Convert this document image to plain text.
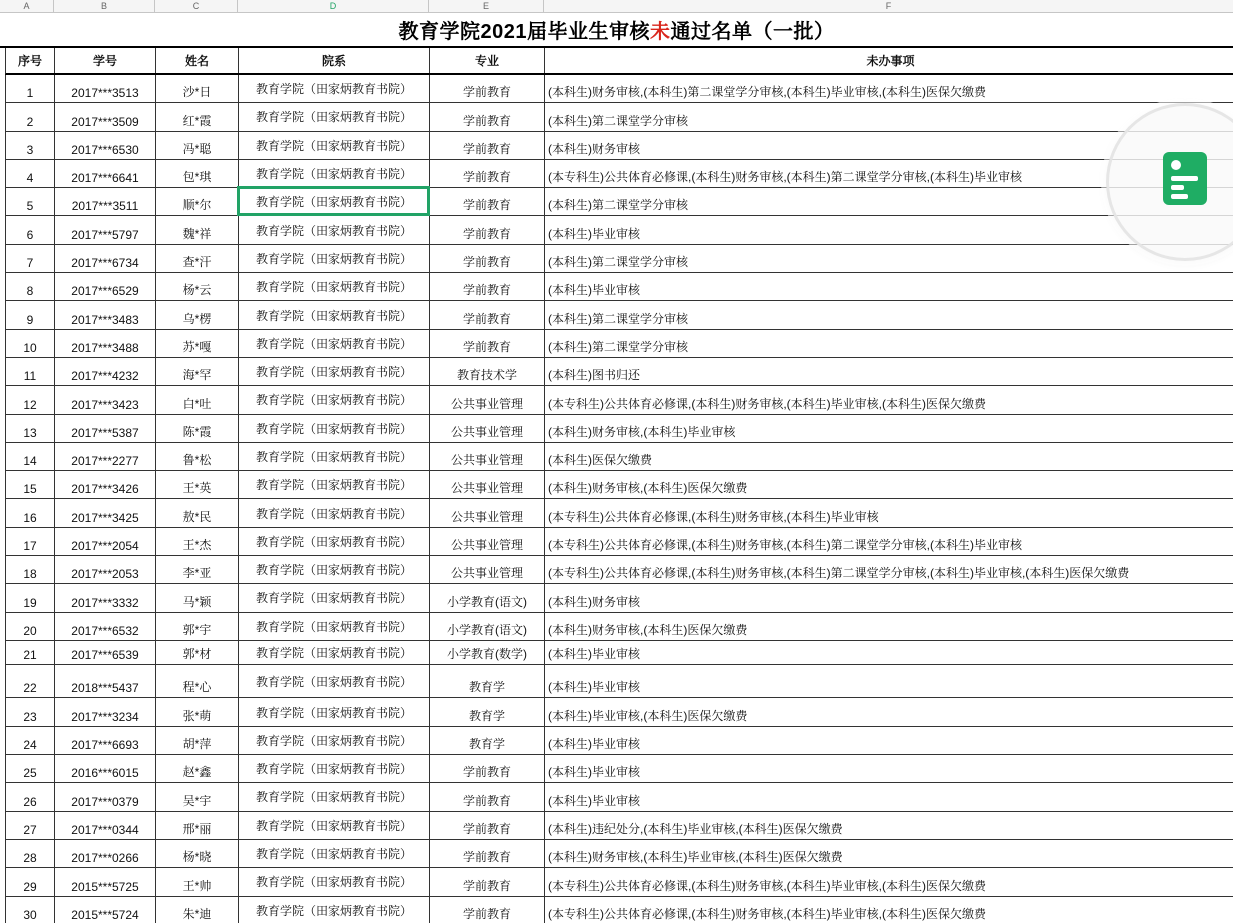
A	B	C	D	E	F
教育学院2021届毕业生审核未通过名单（一批）
序号	学号	姓名	院系	专业	未办事项
1	2017***3513	沙*日	教育学院（田家炳教育书院）	学前教育	(本科生)财务审核,(本科生)第二课堂学分审核,(本科生)毕业审核,(本科生)医保欠缴费
2	2017***3509	红*霞	教育学院（田家炳教育书院）	学前教育	(本科生)第二课堂学分审核
3	2017***6530	冯*聪	教育学院（田家炳教育书院）	学前教育	(本科生)财务审核
4	2017***6641	包*琪	教育学院（田家炳教育书院）	学前教育	(本专科生)公共体育必修课,(本科生)财务审核,(本科生)第二课堂学分审核,(本科生)毕业审核
5	2017***3511	顺*尔	教育学院（田家炳教育书院）	学前教育	(本科生)第二课堂学分审核
6	2017***5797	魏*祥	教育学院（田家炳教育书院）	学前教育	(本科生)毕业审核
7	2017***6734	查*汗	教育学院（田家炳教育书院）	学前教育	(本科生)第二课堂学分审核
8	2017***6529	杨*云	教育学院（田家炳教育书院）	学前教育	(本科生)毕业审核
9	2017***3483	乌*楞	教育学院（田家炳教育书院）	学前教育	(本科生)第二课堂学分审核
10	2017***3488	苏*嘎	教育学院（田家炳教育书院）	学前教育	(本科生)第二课堂学分审核
11	2017***4232	海*罕	教育学院（田家炳教育书院）	教育技术学	(本科生)图书归还
12	2017***3423	白*吐	教育学院（田家炳教育书院）	公共事业管理	(本专科生)公共体育必修课,(本科生)财务审核,(本科生)毕业审核,(本科生)医保欠缴费
13	2017***5387	陈*霞	教育学院（田家炳教育书院）	公共事业管理	(本科生)财务审核,(本科生)毕业审核
14	2017***2277	鲁*松	教育学院（田家炳教育书院）	公共事业管理	(本科生)医保欠缴费
15	2017***3426	王*英	教育学院（田家炳教育书院）	公共事业管理	(本科生)财务审核,(本科生)医保欠缴费
16	2017***3425	敖*民	教育学院（田家炳教育书院）	公共事业管理	(本专科生)公共体育必修课,(本科生)财务审核,(本科生)毕业审核
17	2017***2054	王*杰	教育学院（田家炳教育书院）	公共事业管理	(本专科生)公共体育必修课,(本科生)财务审核,(本科生)第二课堂学分审核,(本科生)毕业审核
18	2017***2053	李*亚	教育学院（田家炳教育书院）	公共事业管理	(本专科生)公共体育必修课,(本科生)财务审核,(本科生)第二课堂学分审核,(本科生)毕业审核,(本科生)医保欠缴费
19	2017***3332	马*颖	教育学院（田家炳教育书院）	小学教育(语文)	(本科生)财务审核
20	2017***6532	郭*宇	教育学院（田家炳教育书院）	小学教育(语文)	(本科生)财务审核,(本科生)医保欠缴费
21	2017***6539	郭*材	教育学院（田家炳教育书院）	小学教育(数学)	(本科生)毕业审核
22	2018***5437	程*心	教育学院（田家炳教育书院）	教育学	(本科生)毕业审核
23	2017***3234	张*萌	教育学院（田家炳教育书院）	教育学	(本科生)毕业审核,(本科生)医保欠缴费
24	2017***6693	胡*萍	教育学院（田家炳教育书院）	教育学	(本科生)毕业审核
25	2016***6015	赵*鑫	教育学院（田家炳教育书院）	学前教育	(本科生)毕业审核
26	2017***0379	吴*宇	教育学院（田家炳教育书院）	学前教育	(本科生)毕业审核
27	2017***0344	邢*丽	教育学院（田家炳教育书院）	学前教育	(本科生)违纪处分,(本科生)毕业审核,(本科生)医保欠缴费
28	2017***0266	杨*晓	教育学院（田家炳教育书院）	学前教育	(本科生)财务审核,(本科生)毕业审核,(本科生)医保欠缴费
29	2015***5725	王*帅	教育学院（田家炳教育书院）	学前教育	(本专科生)公共体育必修课,(本科生)财务审核,(本科生)毕业审核,(本科生)医保欠缴费
30	2015***5724	朱*迪	教育学院（田家炳教育书院）	学前教育	(本专科生)公共体育必修课,(本科生)财务审核,(本科生)毕业审核,(本科生)医保欠缴费
